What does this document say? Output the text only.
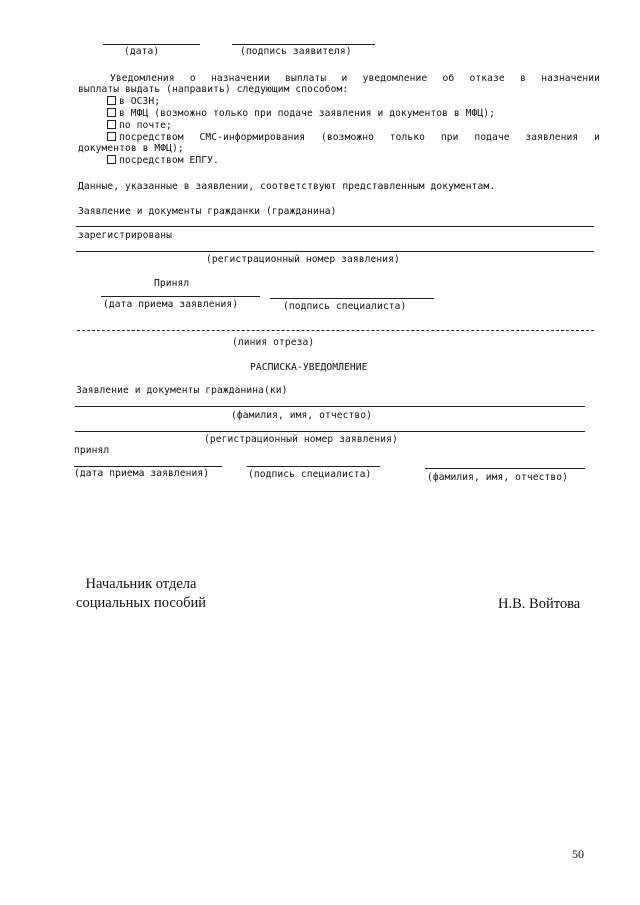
(дата)	(подпись заявителя)
Уведомления о назначении выплаты и уведомление об отказе в назначении
выплаты выдать (направить) следующим способом:
в ОСЗН;
в МФЦ (возможно только при подаче заявления и документов в МФЦ);
по почте;
посредством СМС-информирования (возможно только при подаче заявления и
документов в МФЦ);
посредством ЕПГУ.
Данные, указанные в заявлении, соответствуют представленным документам.
Заявление и документы гражданки (гражданина)
зарегистрированы
(регистрационный номер заявления)
Принял
(дата приема заявления)	(подпись специалиста)
(линия отреза)
РАСПИСКА-УВЕДОМЛЕНИЕ
Заявление и документы гражданина(ки)
(фамилия, имя, отчество)
(регистрационный номер заявления)
принял
(дата приема заявления)	(подпись специалиста)	(фамилия, имя, отчество)
Начальник отдела
социальных пособий	Н.В. Войтова
50
